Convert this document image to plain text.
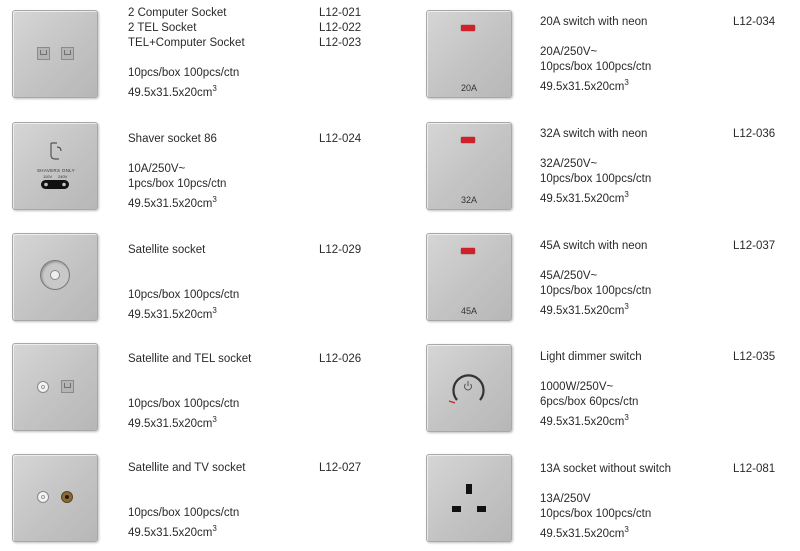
2 Computer Socket
2 TEL Socket
TEL+Computer Socket
10pcs/box 100pcs/ctn
$49.5x31.5x20cm^3$
L12-021
L12-022
L12-023
SHAVERS ONLY
110V 240V
Shaver socket 86
10A/250V~
1pcs/box 10pcs/ctn
$49.5x31.5x20cm^3$
L12-024
Satellite socket
10pcs/box 100pcs/ctn
$49.5x31.5x20cm^3$
L12-029
Satellite and TEL socket
10pcs/box 100pcs/ctn
$49.5x31.5x20cm^3$
L12-026
Satellite and TV socket
10pcs/box 100pcs/ctn
$49.5x31.5x20cm^3$
L12-027
20A
20A switch with neon
20A/250V~
10pcs/box 100pcs/ctn
$49.5x31.5x20cm^3$
L12-034
32A
32A switch with neon
32A/250V~
10pcs/box 100pcs/ctn
$49.5x31.5x20cm^3$
L12-036
45A
45A switch with neon
45A/250V~
10pcs/box 100pcs/ctn
$49.5x31.5x20cm^3$
L12-037
Light dimmer switch
1000W/250V~
6pcs/box 60pcs/ctn
$49.5x31.5x20cm^3$
L12-035
13A socket without switch
13A/250V
10pcs/box 100pcs/ctn
$49.5x31.5x20cm^3$
L12-081
